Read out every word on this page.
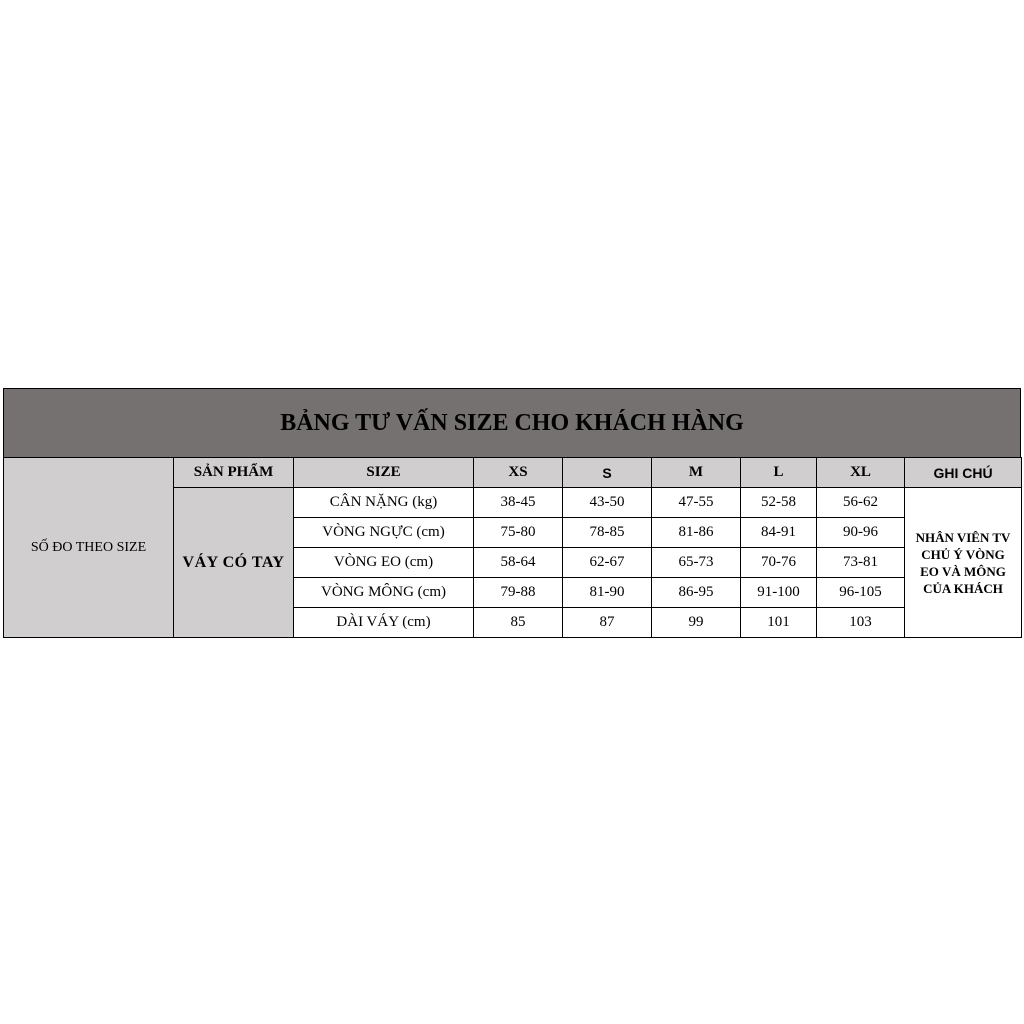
BẢNG TƯ VẤN SIZE CHO KHÁCH HÀNG
SỐ ĐO THEO SIZE	SẢN PHẨM	SIZE	XS	S	M	L	XL	GHI CHÚ
	VÁY CÓ TAY	CÂN NẶNG (kg)	38-45	43-50	47-55	52-58	56-62	NHÂN VIÊN TV
CHỦ Ý VÒNG
EO VÀ MÔNG
CỦA KHÁCH

		VÒNG NGỰC (cm)	75-80	78-85	81-86	84-91	90-96	
		VÒNG EO (cm)	58-64	62-67	65-73	70-76	73-81	
		VÒNG MÔNG (cm)	79-88	81-90	86-95	91-100	96-105	
		DÀI VÁY (cm)	85	87	99	101	103	
